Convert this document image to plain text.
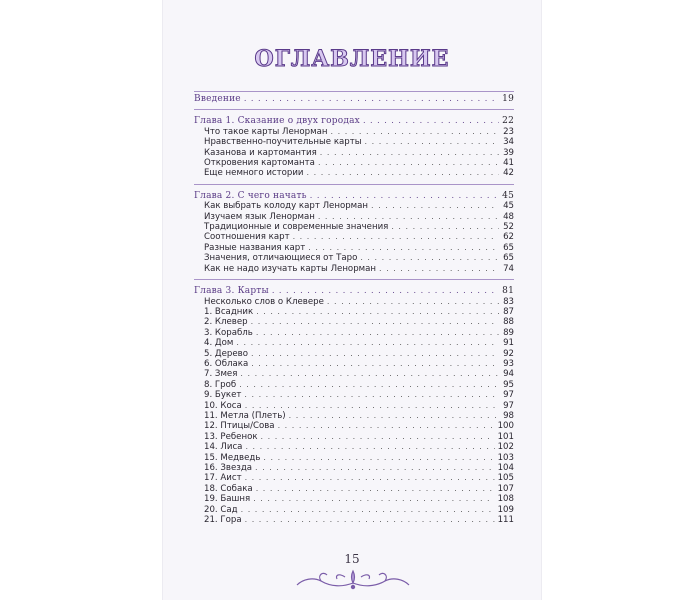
ОГЛАВЛЕНИЕ
Введение . . .	19
Глава 1. Сказание о двух городах . . .	22
Что такое карты Ленорман . . .	23
Нравственно-поучительные карты . . .	34
Казанова и картомантия . . .	39
Откровения картоманта . . .	41
Еще немного истории . . .	42
Глава 2. С чего начать . . .	45
Как выбрать колоду карт Ленорман . . .	45
Изучаем язык Ленорман . . .	48
Традиционные и современные значения . . .	52
Соотношения карт . . .	62
Разные названия карт . . .	65
Значения, отличающиеся от Таро . . .	65
Как не надо изучать карты Ленорман . . .	74
Глава 3. Карты . . .	81
Несколько слов о Клевере . . .	83
1. Всадник . . .	87
2. Клевер . . .	88
3. Корабль . . .	89
4. Дом . . .	91
5. Дерево . . .	92
6. Облака . . .	93
7. Змея . . .	94
8. Гроб . . .	95
9. Букет . . .	97
10. Коса . . .	97
11. Метла (Плеть) . . .	98
12. Птицы/Сова . . .	100
13. Ребенок . . .	101
14. Лиса . . .	102
15. Медведь . . .	103
16. Звезда . . .	104
17. Аист . . .	105
18. Собака . . .	107
19. Башня . . .	108
20. Сад . . .	109
21. Гора . . .	111
15
